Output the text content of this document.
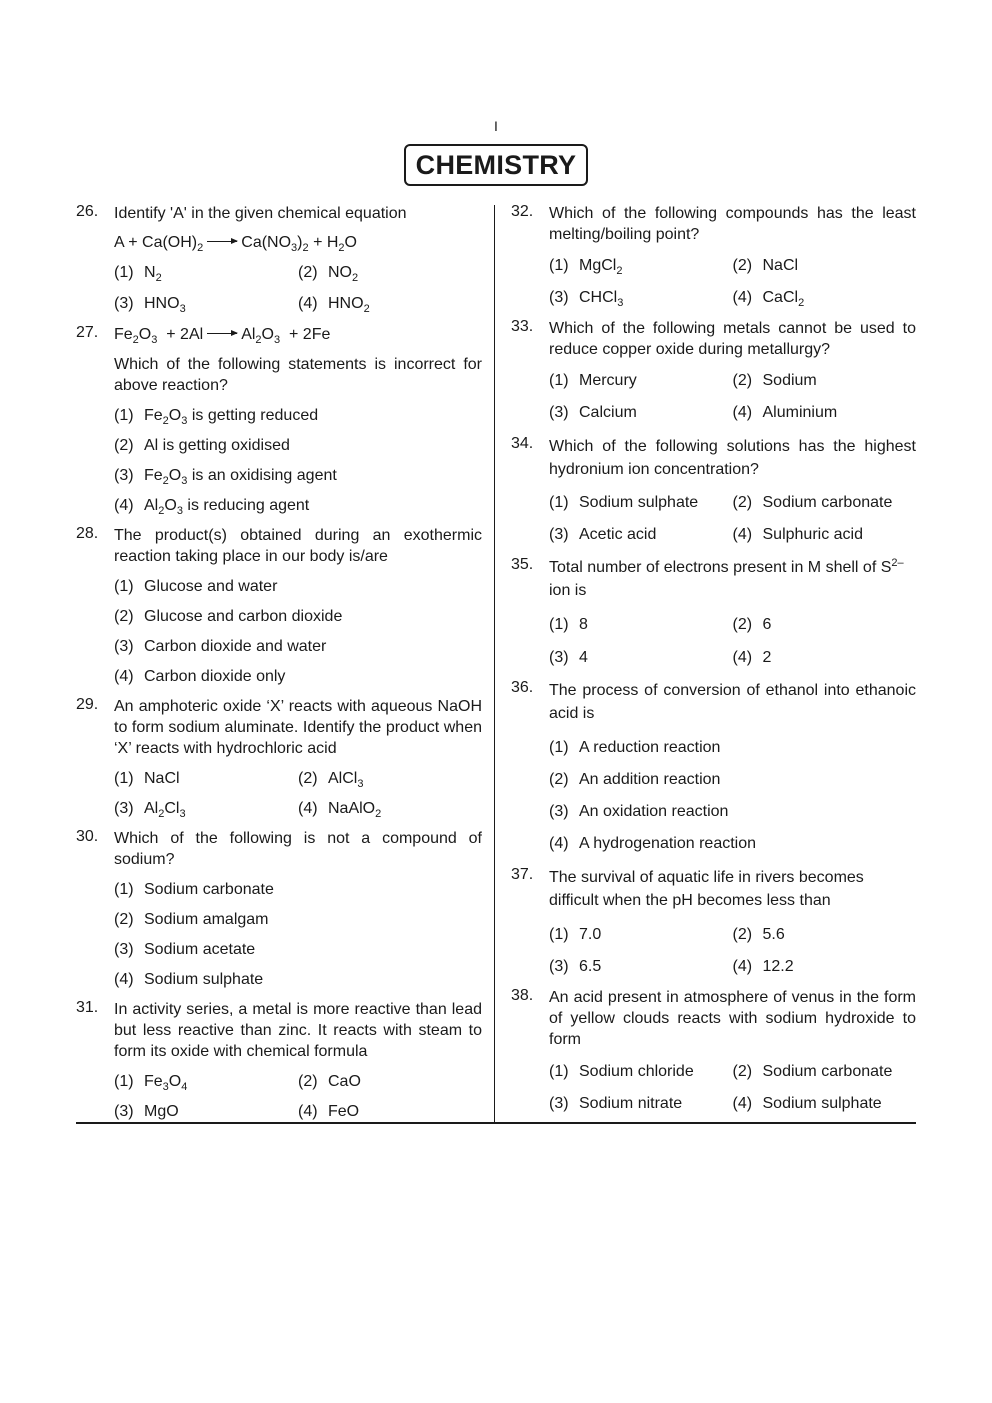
I
CHEMISTRY
26. Identify 'A' in the given chemical equation
$A + Ca(OH)_2 \to Ca(NO_3)_2 + H_2O$
(1) $N_2$	(2) $NO_2$
(3) $HNO_3$	(4) $HNO_2$
27. $Fe_2O_3 + 2Al \to Al_2O_3 + 2Fe$
Which of the following statements is incorrect for above reaction?
(1) $Fe_2O_3$ is getting reduced
(2) Al is getting oxidised
(3) $Fe_2O_3$ is an oxidising agent
(4) $Al_2O_3$ is reducing agent
28. The product(s) obtained during an exothermic reaction taking place in our body is/are
(1) Glucose and water
(2) Glucose and carbon dioxide
(3) Carbon dioxide and water
(4) Carbon dioxide only
29. An amphoteric oxide ‘X’ reacts with aqueous NaOH to form sodium aluminate. Identify the product when ‘X’ reacts with hydrochloric acid
(1) NaCl	(2) AlCl$_3$
(3) $Al_2Cl_3$	(4) NaAlO$_2$
30. Which of the following is not a compound of sodium?
(1) Sodium carbonate
(2) Sodium amalgam
(3) Sodium acetate
(4) Sodium sulphate
31. In activity series, a metal is more reactive than lead but less reactive than zinc. It reacts with steam to form its oxide with chemical formula
(1) $Fe_3O_4$	(2) CaO
(3) MgO	(4) FeO
32. Which of the following compounds has the least melting/boiling point?
(1) MgCl$_2$	(2) NaCl
(3) CHCl$_3$	(4) CaCl$_2$
33. Which of the following metals cannot be used to reduce copper oxide during metallurgy?
(1) Mercury	(2) Sodium
(3) Calcium	(4) Aluminium
34. Which of the following solutions has the highest hydronium ion concentration?
(1) Sodium sulphate (2) Sodium carbonate
(3) Acetic acid	(4) Sulphuric acid
35. Total number of electrons present in M shell of $S^{2-}$
ion is
(1) 8	(2) 6
(3) 4	(4) 2
36. The process of conversion of ethanol into ethanoic acid is
(1) A reduction reaction
(2) An addition reaction
(3) An oxidation reaction
(4) A hydrogenation reaction
37. The survival of aquatic life in rivers becomes difficult when the pH becomes less than
(1) 7.0	(2) 5.6
(3) 6.5	(4) 12.2
38. An acid present in atmosphere of venus in the form of yellow clouds reacts with sodium hydroxide to form
(1) Sodium chloride (2) Sodium carbonate
(3) Sodium nitrate	(4) Sodium sulphate
